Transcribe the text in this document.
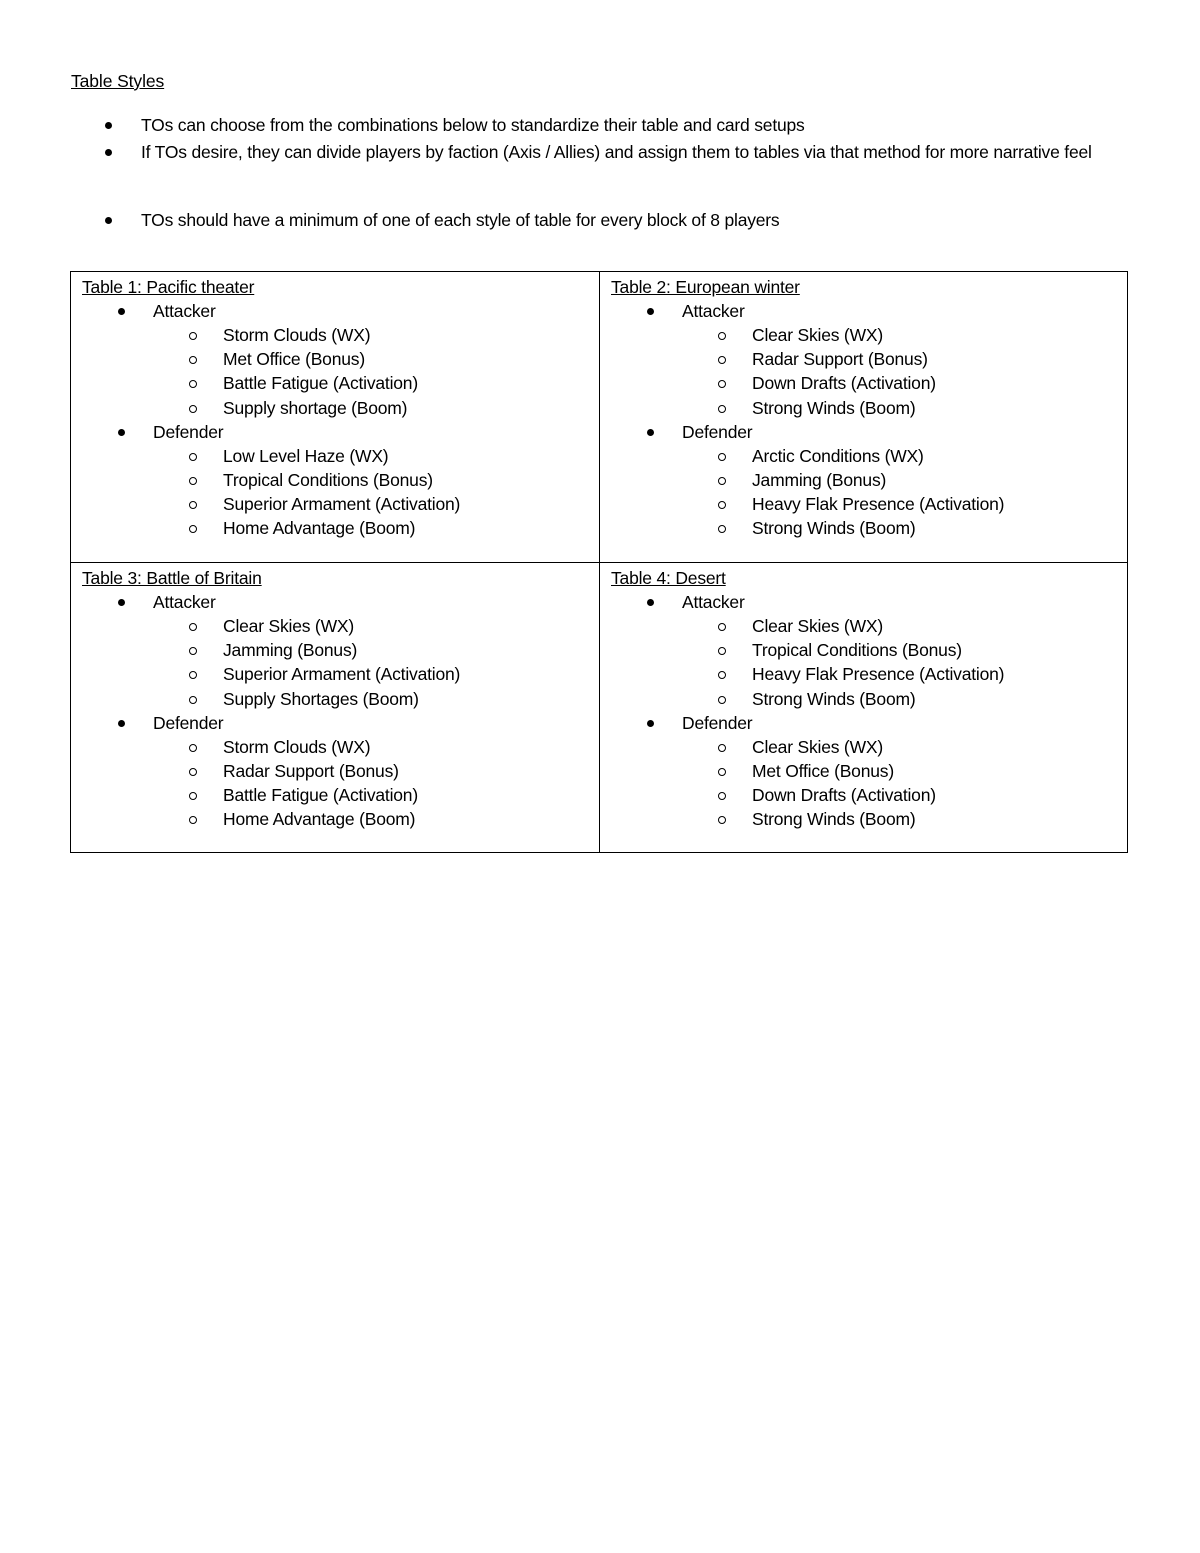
Table Styles
TOs can choose from the combinations below to standardize their table and card setups
If TOs desire, they can divide players by faction (Axis / Allies) and assign them to tables via that method for more narrative feel
TOs should have a minimum of one of each style of table for every block of 8 players
Table 1: Pacific theater
Attacker
Storm Clouds (WX)
Met Office (Bonus)
Battle Fatigue (Activation)
Supply shortage (Boom)
Defender
Low Level Haze (WX)
Tropical Conditions (Bonus)
Superior Armament (Activation)
Home Advantage (Boom)
Table 2: European winter
Attacker
Clear Skies (WX)
Radar Support (Bonus)
Down Drafts (Activation)
Strong Winds (Boom)
Defender
Arctic Conditions (WX)
Jamming (Bonus)
Heavy Flak Presence (Activation)
Strong Winds (Boom)
Table 3: Battle of Britain
Attacker
Clear Skies (WX)
Jamming (Bonus)
Superior Armament (Activation)
Supply Shortages (Boom)
Defender
Storm Clouds (WX)
Radar Support (Bonus)
Battle Fatigue (Activation)
Home Advantage (Boom)
Table 4: Desert
Attacker
Clear Skies (WX)
Tropical Conditions (Bonus)
Heavy Flak Presence (Activation)
Strong Winds (Boom)
Defender
Clear Skies (WX)
Met Office (Bonus)
Down Drafts (Activation)
Strong Winds (Boom)
